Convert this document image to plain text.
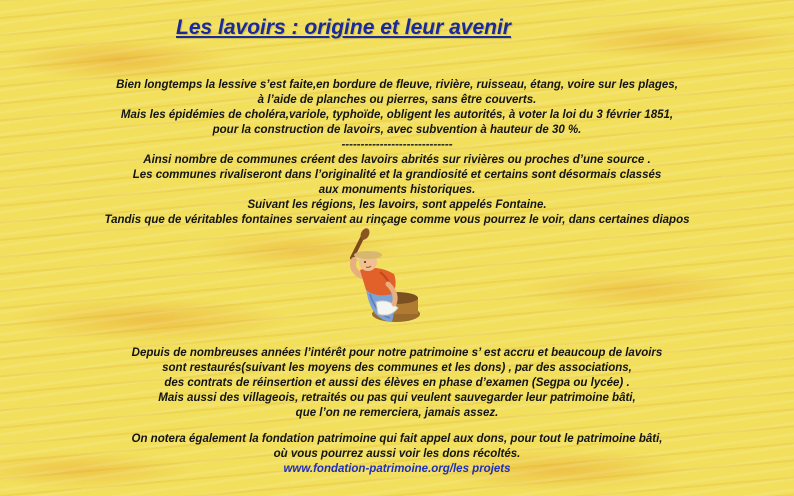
Les lavoirs : origine et leur avenir
Bien longtemps la lessive s’est faite,en bordure de fleuve, rivière, ruisseau, étang, voire sur les plages,
à l’aide de planches ou pierres, sans être couverts.
Mais les épidémies de choléra,variole, typhoïde, obligent les autorités, à voter la loi du 3 février 1851,
pour la construction de lavoirs, avec subvention à hauteur de 30 %.
-----------------------------
Ainsi nombre de communes créent des lavoirs abrités sur rivières ou proches d’une source .
Les communes rivaliseront dans l’originalité et la grandiosité et certains sont désormais classés
aux monuments historiques.
Suivant les régions, les lavoirs, sont appelés Fontaine.
Tandis que de véritables fontaines servaient au rinçage comme vous pourrez le voir, dans certaines diapos
Depuis de nombreuses années l’intérêt pour notre patrimoine s’ est accru et beaucoup de lavoirs
sont restaurés(suivant les moyens des communes et les dons) , par des associations,
des contrats de réinsertion et aussi des élèves en phase d’examen (Segpa ou lycée) .
Mais aussi des villageois, retraités ou pas qui veulent sauvegarder leur patrimoine bâti,
que l’on ne remerciera, jamais assez.
On notera également la fondation patrimoine qui fait appel aux dons, pour tout le patrimoine bâti,
où vous pourrez aussi voir les dons récoltés.
www.fondation-patrimoine.org/les projets
